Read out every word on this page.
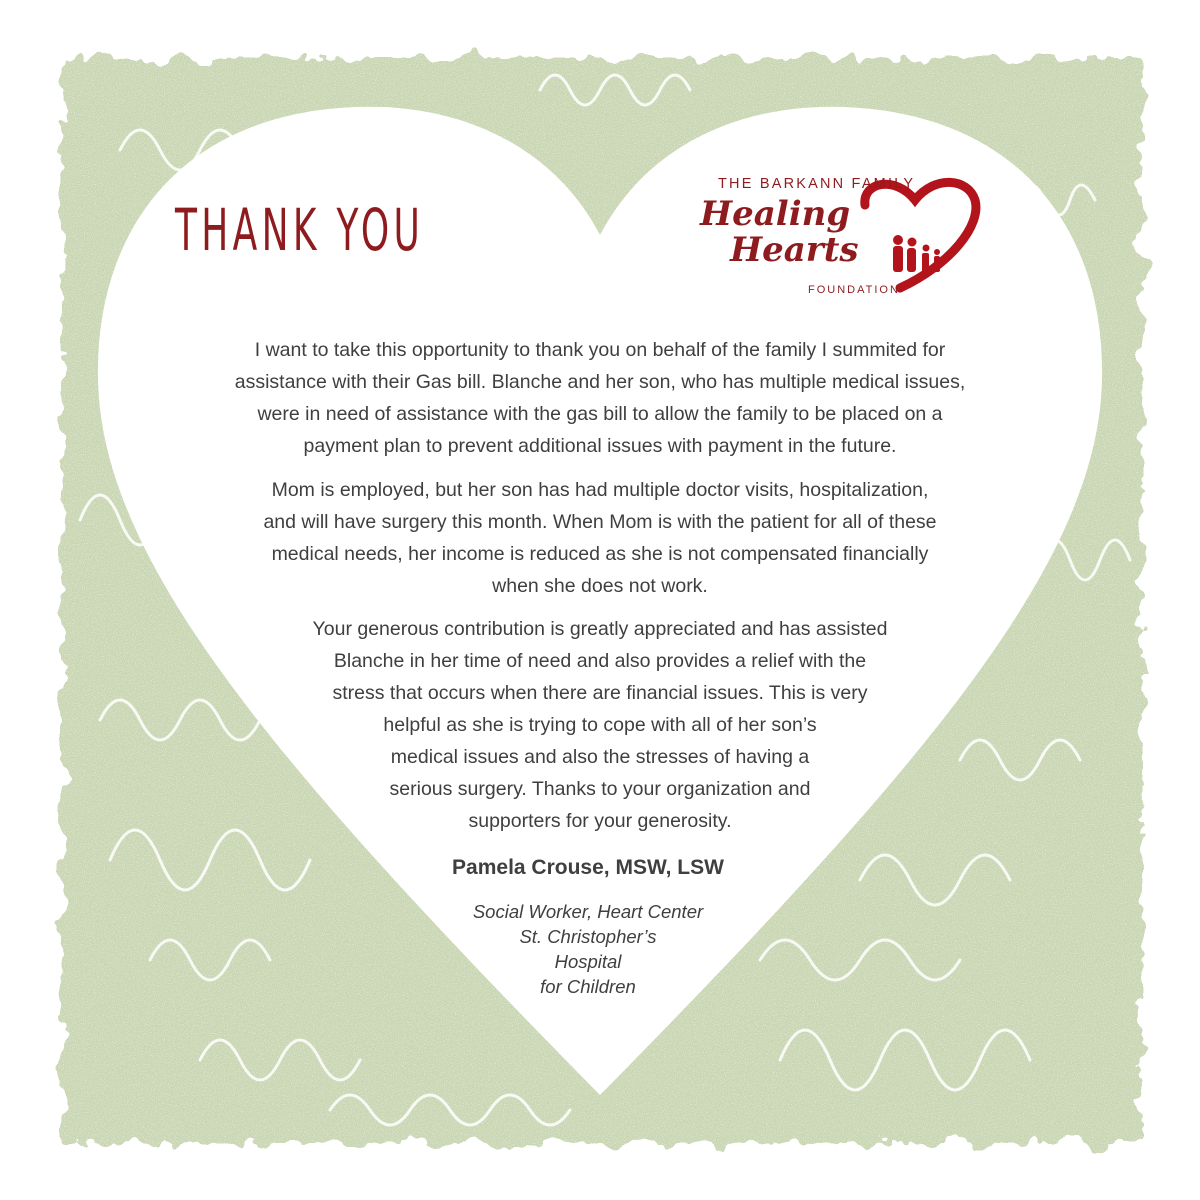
THANK YOU
THE BARKANN FAMILY
Healing
Hearts
FOUNDATION
I want to take this opportunity to thank you on behalf of the family I summited for
assistance with their Gas bill. Blanche and her son, who has multiple medical issues,
were in need of assistance with the gas bill to allow the family to be placed on a
payment plan to prevent additional issues with payment in the future.
Mom is employed, but her son has had multiple doctor visits, hospitalization,
and will have surgery this month. When Mom is with the patient for all of these
medical needs, her income is reduced as she is not compensated financially
when she does not work.
Your generous contribution is greatly appreciated and has assisted
Blanche in her time of need and also provides a relief with the
stress that occurs when there are financial issues. This is very
helpful as she is trying to cope with all of her son’s
medical issues and also the stresses of having a
serious surgery. Thanks to your organization and
supporters for your generosity.
Pamela Crouse, MSW, LSW
Social Worker, Heart Center
St. Christopher’s
Hospital
for Children
